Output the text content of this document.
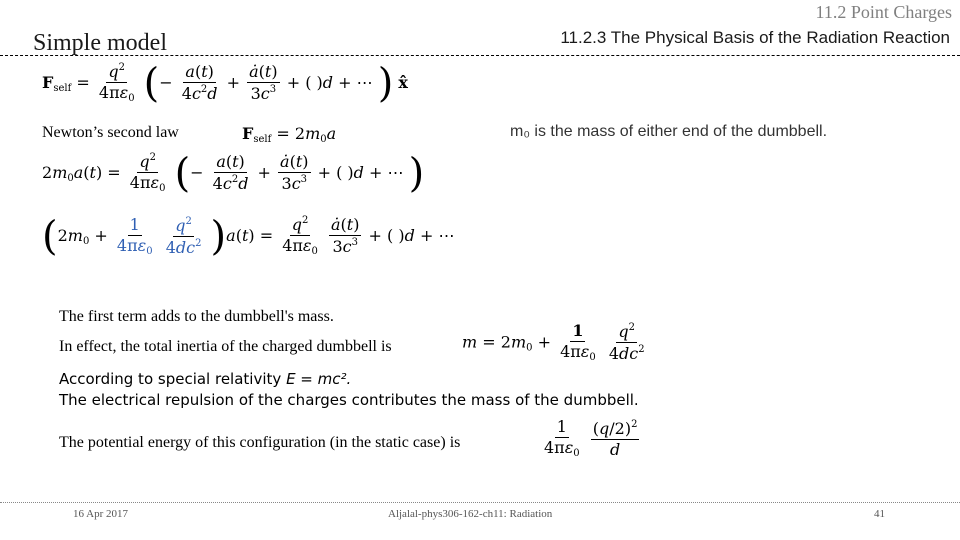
11.2 Point Charges
11.2.3 The Physical Basis of the Radiation Reaction
Simple model
$F_{self} = \frac{q^2}{4\pi\varepsilon_0}$ (− $\frac{a(t)}{4c^2d} + \frac{ȧ(t)}{3c^3}$ + ( )d + ⋯ ) x̂
Newton’s second law	$F_{self} = 2m_0a$	m₀ is the mass of either end of the dumbbell.
$2m_0a(t) = \frac{q^2}{4\pi\varepsilon_0}$ (− $\frac{a(t)}{4c^2d} + \frac{ȧ(t)}{3c^3}$ + ( )d + ⋯ )
($2m_0 + \frac{1}{4\pi\varepsilon_0}$
$\frac{q^2}{4dc^2} )a(t) = \frac{q^2}{4\pi\varepsilon_0}$
$\frac{ȧ(t)}{3c^3}$ + ( )d + ⋯
The first term adds to the dumbbell's mass.
In effect, the total inertia of the charged dumbbell is	$m = 2m_0 + \frac{1}{4\pi\varepsilon_0}$
$\frac{q^2}{4dc^2}$
According to special relativity E = mc².
The electrical repulsion of the charges contributes the mass of the dumbbell.
The potential energy of this configuration (in the static case) is	$\frac{1}{4\pi\varepsilon_0}$
$\frac{(q/2)^2}{d}$
16 Apr 2017	Aljalal-phys306-162-ch11: Radiation	41
